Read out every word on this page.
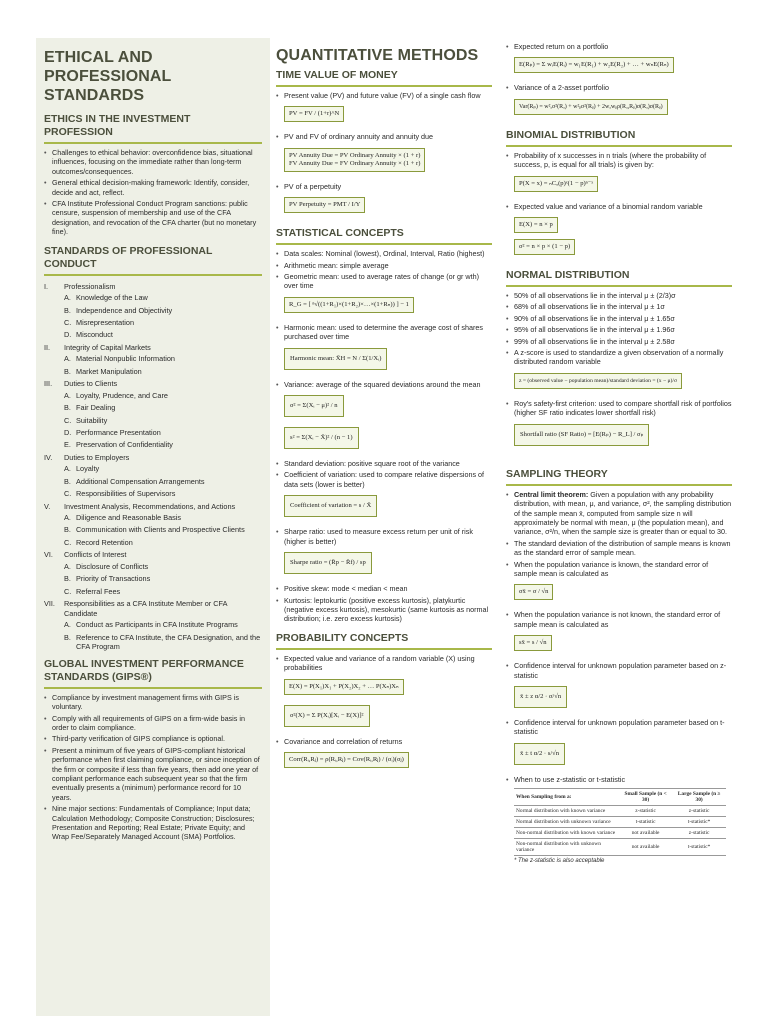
ETHICAL AND
PROFESSIONAL STANDARDS
ETHICS IN THE INVESTMENT PROFESSION
• Challenges to ethical behavior: overconfidence bias, situational influences, focusing on the immediate rather than long-term outcomes/consequences.
• General ethical decision-making framework: Identify, consider, decide and act, reflect.
• CFA Institute Professional Conduct Program sanctions: public censure, suspension of membership and use of the CFA designation, and revocation of the CFA charter (but no monetary fine).
STANDARDS OF PROFESSIONAL CONDUCT
I.	Professionalism
A. Knowledge of the Law
B. Independence and Objectivity
C. Misrepresentation
D. Misconduct
II.	Integrity of Capital Markets
A. Material Nonpublic Information
B. Market Manipulation
III.	Duties to Clients
A. Loyalty, Prudence, and Care
B. Fair Dealing
C. Suitability
D. Performance Presentation
E. Preservation of Confidentiality
IV.	Duties to Employers
A. Loyalty
B. Additional Compensation Arrangements
C. Responsibilities of Supervisors
V.	Investment Analysis, Recommendations, and Actions
A. Diligence and Reasonable Basis
B. Communication with Clients and Prospective Clients
C. Record Retention
VI.	Conflicts of Interest
A. Disclosure of Conflicts
B. Priority of Transactions
C. Referral Fees
VII.	Responsibilities as a CFA Institute Member or CFA Candidate
A. Conduct as Participants in CFA Institute Programs
B. Reference to CFA Institute, the CFA Designation, and the CFA Program
GLOBAL INVESTMENT PERFORMANCE STANDARDS (GIPS®)
• Compliance by investment management firms with GIPS is voluntary.
• Comply with all requirements of GIPS on a firm-wide basis in order to claim compliance.
• Third-party verification of GIPS compliance is optional.
• Present a minimum of five years of GIPS-compliant historical performance when first claiming compliance, or since inception of the firm or composite if less than five years, then add one year of compliant performance each subsequent year so that the firm eventually presents a (minimum) performance record for 10 years.
• Nine major sections: Fundamentals of Compliance; Input data; Calculation Methodology; Composite Construction; Disclosures; Presentation and Reporting; Real Estate; Private Equity; and Wrap Fee/Separately Managed Account (SMA) Portfolios.
QUANTITATIVE METHODS
TIME VALUE OF MONEY
• Present value (PV) and future value (FV) of a single cash flow
PV = FV / (1+r)^N
• PV and FV of ordinary annuity and annuity due
PV Annuity Due = PV Ordinary Annuity × (1 + r)
FV Annuity Due = FV Ordinary Annuity × (1 + r)
• PV of a perpetuity
PV Perpetuity = PMT / I/Y
STATISTICAL CONCEPTS
• Data scales: Nominal (lowest), Ordinal, Interval, Ratio (highest)
• Arithmetic mean: simple average
• Geometric mean: used to average rates of change (or gr wth) over time
R_G = [ ⁿ√((1+R₁)×(1+R₂)×…×(1+Rₙ)) ] − 1
• Harmonic mean: used to determine the average cost of shares purchased over time
Harmonic mean: X̄H = N / Σ(1/Xᵢ)
• Variance: average of the squared deviations around the mean
σ² = Σ(Xᵢ − μ)² / n
s² = Σ(Xᵢ − X̄)² / (n − 1)
• Standard deviation: positive square root of the variance
• Coefficient of variation: used to compare relative dispersions of data sets (lower is better)
Coefficient of variation = s / X̄
• Sharpe ratio: used to measure excess return per unit of risk (higher is better)
Sharpe ratio = (R̄p − R̄f) / sp
• Positive skew: mode < median < mean
• Kurtosis: leptokurtic (positive excess kurtosis), platykurtic (negative excess kurtosis), mesokurtic (same kurtosis as normal distribution; i.e. zero excess kurtosis)
PROBABILITY CONCEPTS
• Expected value and variance of a random variable (X) using probabilities
E(X) = P(X₁)X₁ + P(X₂)X₂ + … P(Xₙ)Xₙ
σ²(X) = Σ P(Xᵢ)[Xᵢ − E(X)]²
• Covariance and correlation of returns
Corr(Rᵢ,Rⱼ) = ρ(Rᵢ,Rⱼ) = Cov(Rᵢ,Rⱼ) / (σᵢ)(σⱼ)
• Expected return on a portfolio
E(Rₚ) = Σ wᵢE(Rᵢ) = w₁E(R₁) + w₂E(R₂) + … + wₙE(Rₙ)
• Variance of a 2-asset portfolio
Var(Rₚ) = w²ₐσ²(Rₐ) + w²ᵦσ²(Rᵦ) + 2wₐwᵦρ(Rₐ,Rᵦ)σ(Rₐ)σ(Rᵦ)
BINOMIAL DISTRIBUTION
• Probability of x successes in n trials (where the probability of success, p, is equal for all trials) is given by:
P(X = x) = ₙCₓ(p)ˣ(1 − p)ⁿ⁻ˣ
• Expected value and variance of a binomial random variable
E(X) = n × p
σ² = n × p × (1 − p)
NORMAL DISTRIBUTION
• 50% of all observations lie in the interval μ ± (2/3)σ
• 68% of all observations lie in the interval μ ± 1σ
• 90% of all observations lie in the interval μ ± 1.65σ
• 95% of all observations lie in the interval μ ± 1.96σ
• 99% of all observations lie in the interval μ ± 2.58σ
• A z-score is used to standardize a given observation of a normally distributed random variable
z = (observed value − population mean)/standard deviation = (x − μ)/σ
• Roy's safety-first criterion: used to compare shortfall risk of portfolios (higher SF ratio indicates lower shortfall risk)
Shortfall ratio (SF Ratio) = [E(Rₚ) − R_L] / σₚ
SAMPLING THEORY
• Central limit theorem: Given a population with any probability distribution, with mean, μ, and variance, σ², the sampling distribution of the sample mean x̄, computed from sample size n will approximately be normal with mean, μ (the population mean), and variance, σ²/n, when the sample size is greater than or equal to 30.
• The standard deviation of the distribution of sample means is known as the standard error of sample mean.
• When the population variance is known, the standard error of sample mean is calculated as
σx̄ = σ / √n
• When the population variance is not known, the standard error of sample mean is calculated as
sx̄ = s / √n
• Confidence interval for unknown population parameter based on z-statistic
x̄ ± z α/2 · σ/√n
• Confidence interval for unknown population parameter based on t-statistic
x̄ ± t α/2 · s/√n
• When to use z-statistic or t-statistic
When Sampling from a:	Small Sample (n < 30)	Large Sample (n ≥ 30)
Normal distribution with known variance	z-statistic	z-statistic
Normal distribution with unknown variance	t-statistic	t-statistic*
Non-normal distribution with known variance	not available	z-statistic
Non-normal distribution with unknown variance	not available	t-statistic*
* The z-statistic is also acceptable
